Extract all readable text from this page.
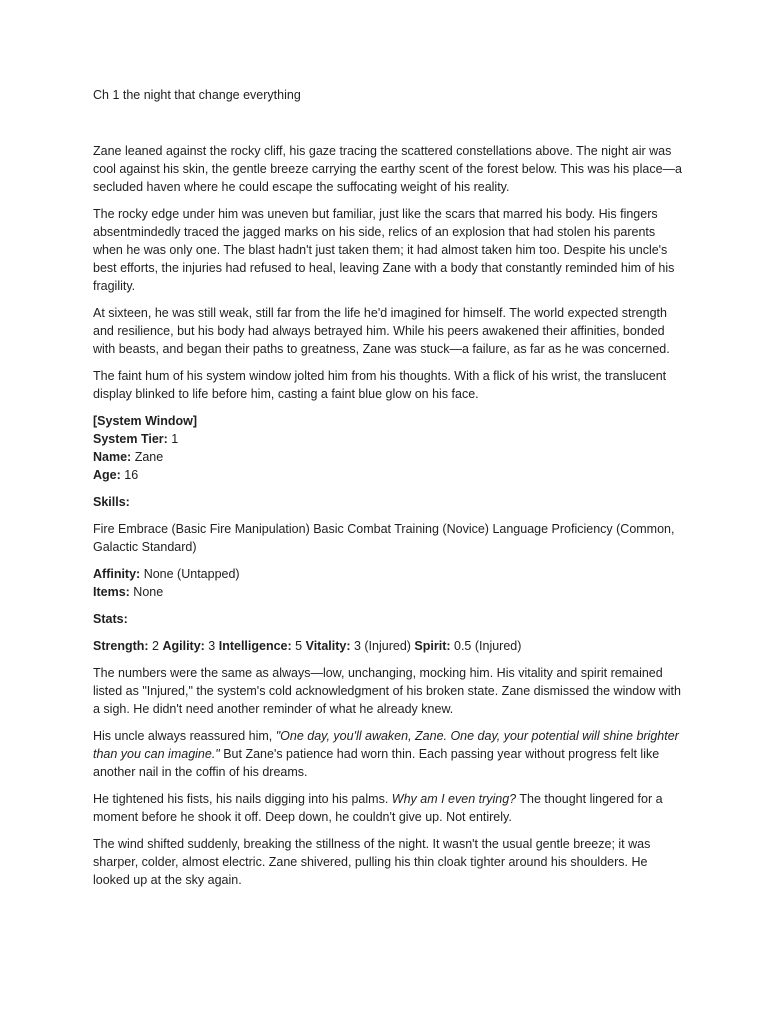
Ch 1 the night that change everything

Zane leaned against the rocky cliff, his gaze tracing the scattered constellations above. The night air was cool against his skin, the gentle breeze carrying the earthy scent of the forest below. This was his place—a secluded haven where he could escape the suffocating weight of his reality.

The rocky edge under him was uneven but familiar, just like the scars that marred his body. His fingers absentmindedly traced the jagged marks on his side, relics of an explosion that had stolen his parents when he was only one. The blast hadn't just taken them; it had almost taken him too. Despite his uncle's best efforts, the injuries had refused to heal, leaving Zane with a body that constantly reminded him of his fragility.

At sixteen, he was still weak, still far from the life he'd imagined for himself. The world expected strength and resilience, but his body had always betrayed him. While his peers awakened their affinities, bonded with beasts, and began their paths to greatness, Zane was stuck—a failure, as far as he was concerned.

The faint hum of his system window jolted him from his thoughts. With a flick of his wrist, the translucent display blinked to life before him, casting a faint blue glow on his face.

[System Window]
System Tier: 1
Name: Zane
Age: 16

Skills:

Fire Embrace (Basic Fire Manipulation) Basic Combat Training (Novice) Language Proficiency (Common, Galactic Standard)

Affinity: None (Untapped)
Items: None

Stats:

Strength: 2 Agility: 3 Intelligence: 5 Vitality: 3 (Injured) Spirit: 0.5 (Injured)

The numbers were the same as always—low, unchanging, mocking him. His vitality and spirit remained listed as "Injured," the system's cold acknowledgment of his broken state. Zane dismissed the window with a sigh. He didn't need another reminder of what he already knew.

His uncle always reassured him, "One day, you'll awaken, Zane. One day, your potential will shine brighter than you can imagine." But Zane's patience had worn thin. Each passing year without progress felt like another nail in the coffin of his dreams.

He tightened his fists, his nails digging into his palms. Why am I even trying? The thought lingered for a moment before he shook it off. Deep down, he couldn't give up. Not entirely.

The wind shifted suddenly, breaking the stillness of the night. It wasn't the usual gentle breeze; it was sharper, colder, almost electric. Zane shivered, pulling his thin cloak tighter around his shoulders. He looked up at the sky again.
